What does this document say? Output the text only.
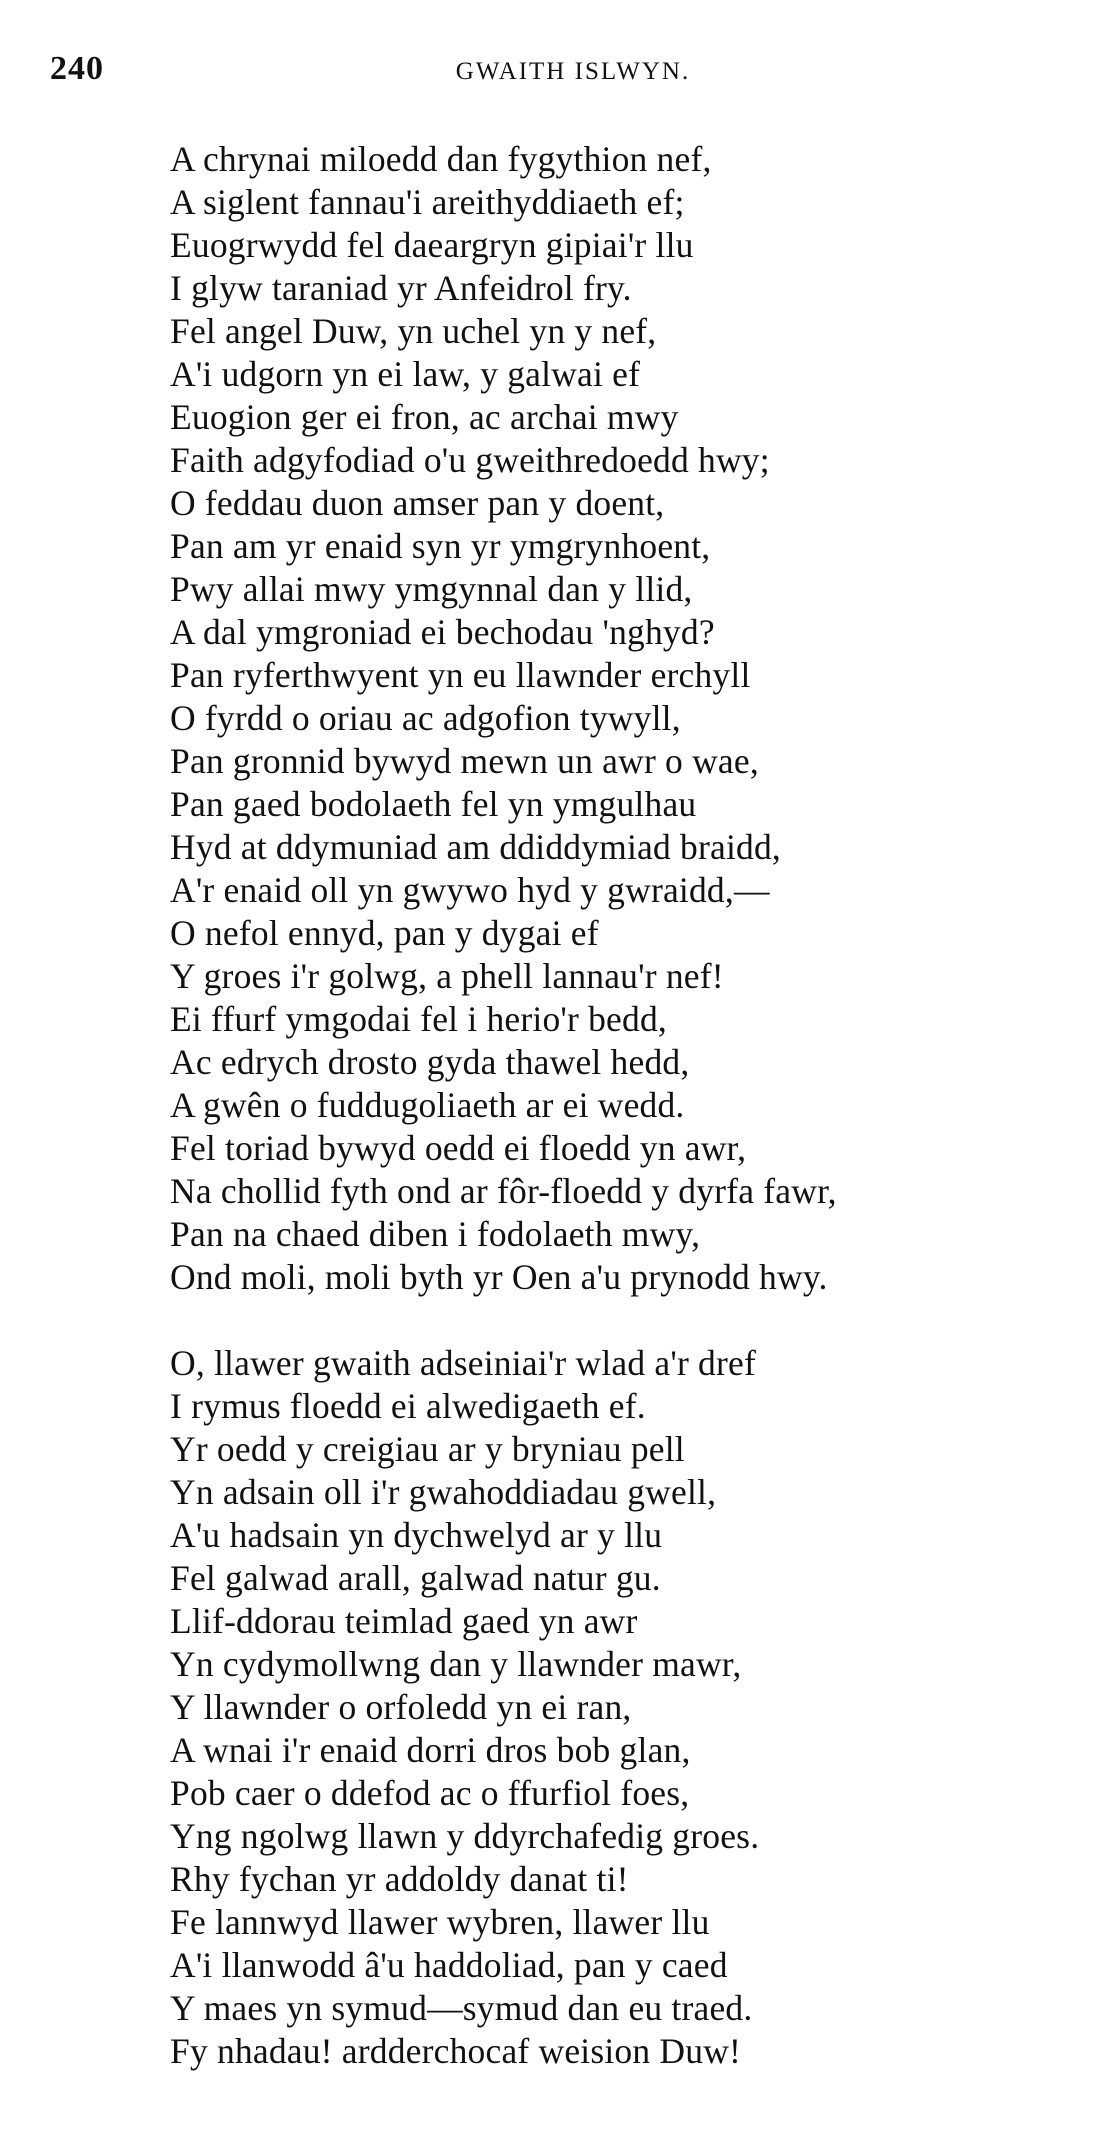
240	GWAITH ISLWYN.
A chrynai miloedd dan fygythion nef,
A siglent fannau'i areithyddiaeth ef;
Euogrwydd fel daeargryn gipiai'r llu
I glyw taraniad yr Anfeidrol fry.
Fel angel Duw, yn uchel yn y nef,
A'i udgorn yn ei law, y galwai ef
Euogion ger ei fron, ac archai mwy
Faith adgyfodiad o'u gweithredoedd hwy;
O feddau duon amser pan y doent,
Pan am yr enaid syn yr ymgrynhoent,
Pwy allai mwy ymgynnal dan y llid,
A dal ymgroniad ei bechodau 'nghyd?
Pan ryferthwyent yn eu llawnder erchyll
O fyrdd o oriau ac adgofion tywyll,
Pan gronnid bywyd mewn un awr o wae,
Pan gaed bodolaeth fel yn ymgulhau
Hyd at ddymuniad am ddiddymiad braidd,
A'r enaid oll yn gwywo hyd y gwraidd,—
O nefol ennyd, pan y dygai ef
Y groes i'r golwg, a phell lannau'r nef!
Ei ffurf ymgodai fel i herio'r bedd,
Ac edrych drosto gyda thawel hedd,
A gwên o fuddugoliaeth ar ei wedd.
Fel toriad bywyd oedd ei floedd yn awr,
Na chollid fyth ond ar fôr-floedd y dyrfa fawr,
Pan na chaed diben i fodolaeth mwy,
Ond moli, moli byth yr Oen a'u prynodd hwy.
O, llawer gwaith adseiniai'r wlad a'r dref
I rymus floedd ei alwedigaeth ef.
Yr oedd y creigiau ar y bryniau pell
Yn adsain oll i'r gwahoddiadau gwell,
A'u hadsain yn dychwelyd ar y llu
Fel galwad arall, galwad natur gu.
Llif-ddorau teimlad gaed yn awr
Yn cydymollwng dan y llawnder mawr,
Y llawnder o orfoledd yn ei ran,
A wnai i'r enaid dorri dros bob glan,
Pob caer o ddefod ac o ffurfiol foes,
Yng ngolwg llawn y ddyrchafedig groes.
Rhy fychan yr addoldy danat ti!
Fe lannwyd llawer wybren, llawer llu
A'i llanwodd â'u haddoliad, pan y caed
Y maes yn symud—symud dan eu traed.
Fy nhadau! ardderchocaf weision Duw!
